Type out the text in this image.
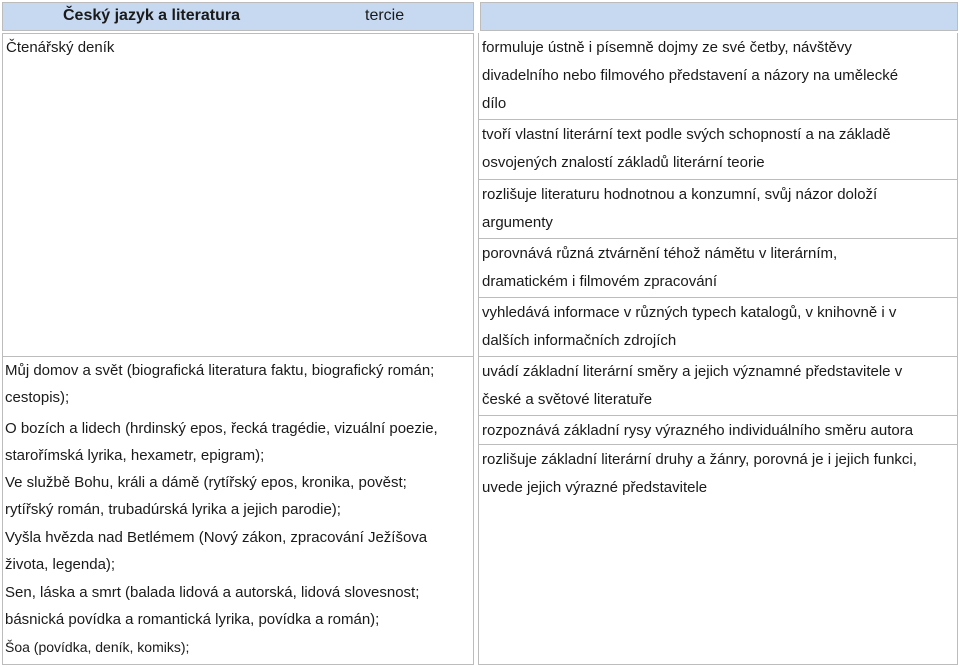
Český jazyk a literatura	tercie
Čtenářský deník
Můj domov a svět (biografická literatura faktu, biografický román;
cestopis);
O bozích a lidech (hrdinský epos, řecká tragédie, vizuální poezie,
starořímská lyrika, hexametr, epigram);
Ve službě Bohu, králi a dámě (rytířský epos, kronika, pověst;
rytířský román, trubadúrská lyrika a jejich parodie);
Vyšla hvězda nad Betlémem (Nový zákon, zpracování Ježíšova
života, legenda);
Sen, láska a smrt (balada lidová a autorská, lidová slovesnost;
básnická povídka a romantická lyrika, povídka a román);
Šoa (povídka, deník, komiks);
formuluje ústně i písemně dojmy ze své četby, návštěvy
divadelního nebo filmového představení a názory na umělecké
dílo
tvoří vlastní literární text podle svých schopností a na základě
osvojených znalostí základů literární teorie
rozlišuje literaturu hodnotnou a konzumní, svůj názor doloží
argumenty
porovnává různá ztvárnění téhož námětu v literárním,
dramatickém i filmovém zpracování
vyhledává informace v různých typech katalogů, v knihovně i v
dalších informačních zdrojích
uvádí základní literární směry a jejich významné představitele v
české a světové literatuře
rozpoznává základní rysy výrazného individuálního směru autora
rozlišuje základní literární druhy a žánry, porovná je i jejich funkci,
uvede jejich výrazné představitele
